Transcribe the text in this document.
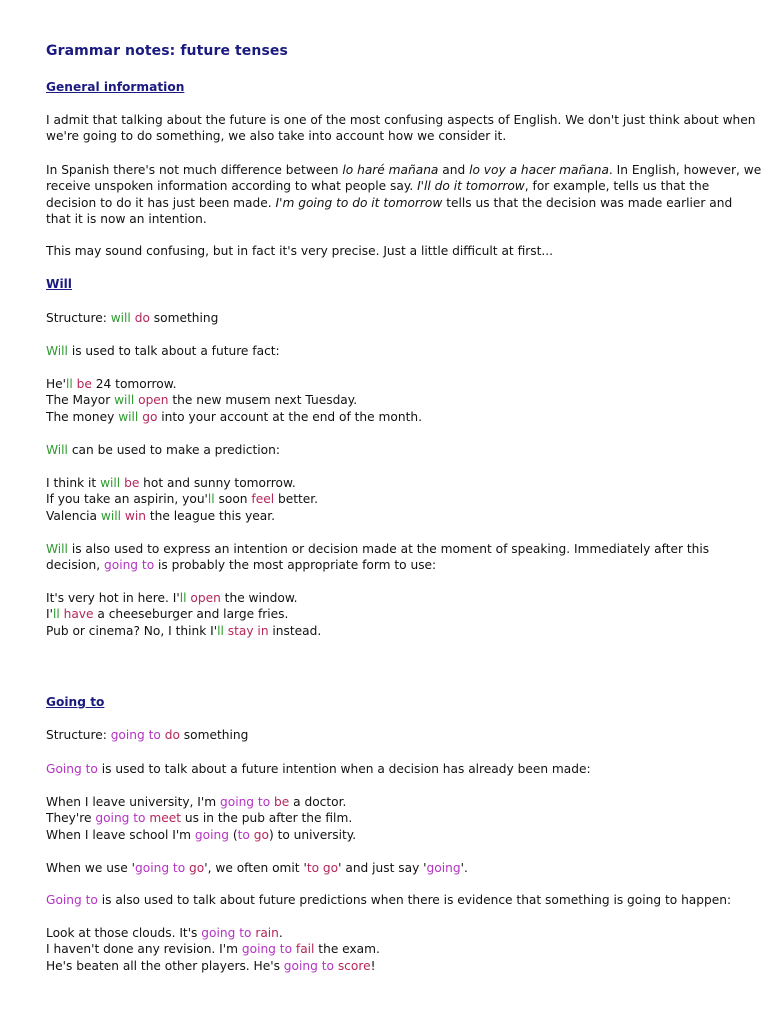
Grammar notes: future tenses
General information

I admit that talking about the future is one of the most confusing aspects of English. We don't just think about when
we're going to do something, we also take into account how we consider it.

In Spanish there's not much difference between lo haré mañana and lo voy a hacer mañana. In English, however, we
receive unspoken information according to what people say. I'll do it tomorrow, for example, tells us that the
decision to do it has just been made. I'm going to do it tomorrow tells us that the decision was made earlier and
that it is now an intention.

This may sound confusing, but in fact it's very precise. Just a little difficult at first...

Will

Structure: will do something

Will is used to talk about a future fact:

He'll be 24 tomorrow.
The Mayor will open the new musem next Tuesday.
The money will go into your account at the end of the month.

Will can be used to make a prediction:

I think it will be hot and sunny tomorrow.
If you take an aspirin, you'll soon feel better.
Valencia will win the league this year.

Will is also used to express an intention or decision made at the moment of speaking. Immediately after this
decision, going to is probably the most appropriate form to use:

It's very hot in here. I'll open the window.
I'll have a cheeseburger and large fries.
Pub or cinema? No, I think I'll stay in instead.

Going to

Structure: going to do something

Going to is used to talk about a future intention when a decision has already been made:

When I leave university, I'm going to be a doctor.
They're going to meet us in the pub after the film.
When I leave school I'm going (to go) to university.

When we use 'going to go', we often omit 'to go' and just say 'going'.

Going to is also used to talk about future predictions when there is evidence that something is going to happen:

Look at those clouds. It's going to rain.
I haven't done any revision. I'm going to fail the exam.
He's beaten all the other players. He's going to score!
